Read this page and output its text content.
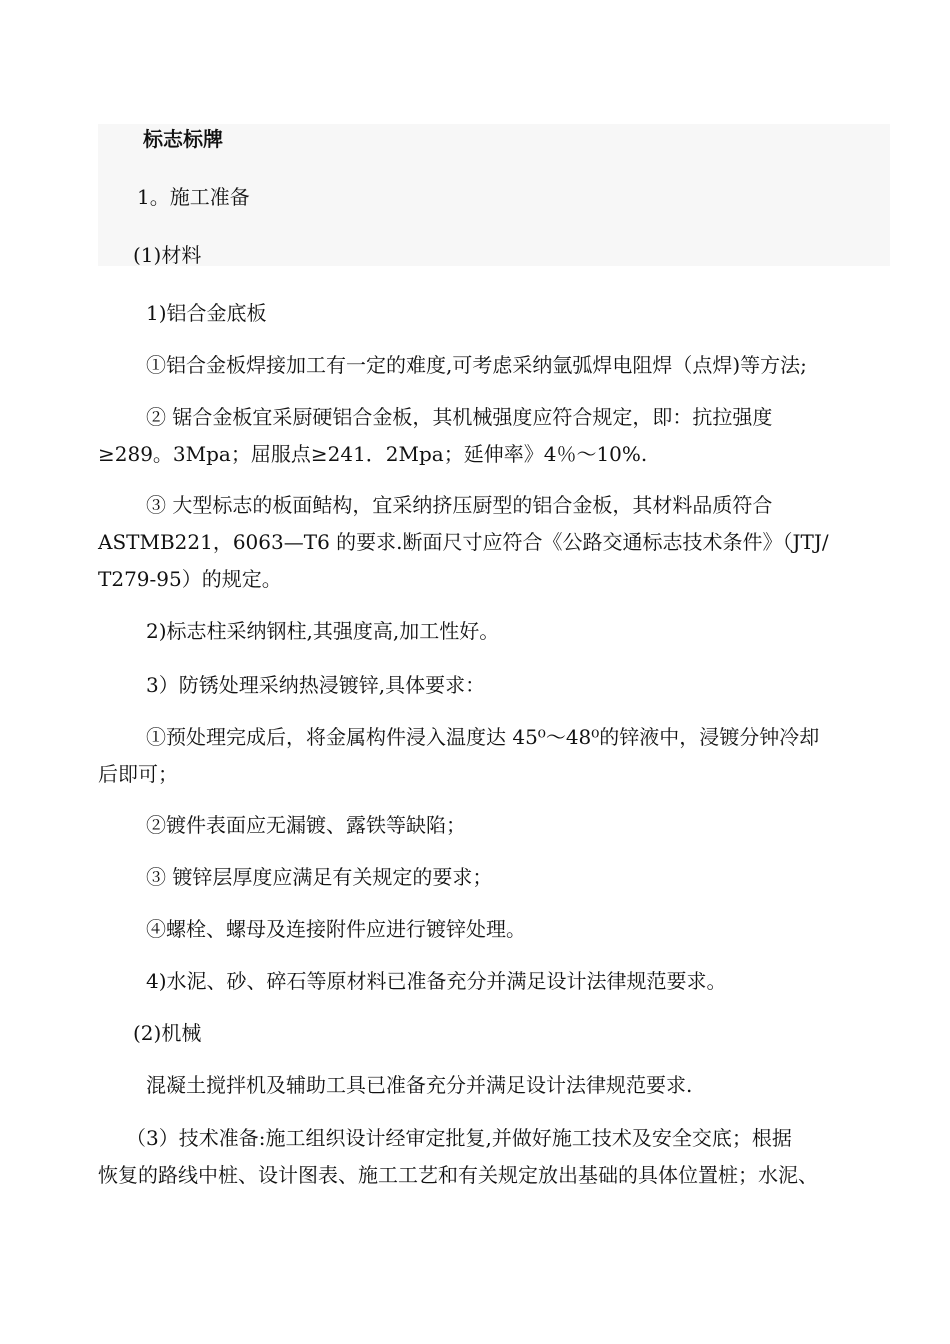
标志标牌
1。施工准备
(1)材料
1)铝合金底板
①铝合金板焊接加工有一定的难度,可考虑采纳氩弧焊电阻焊（点焊)等方法;
② 锯合金板宜采厨硬铝合金板，其机械强度应符合规定，即：抗拉强度
≥289。3Mpa；屈服点≥241．2Mpa；延伸率》4％～10%.
③ 大型标志的板面鲒构，宜采纳挤压厨型的铝合金板，其材料品质符合
ASTMB221，6063—T6 的要求.断面尺寸应符合《公路交通标志技术条件》（JTJ/
T279-95）的规定。
2)标志柱采纳钢柱,其强度高,加工性好。
3）防锈处理采纳热浸镀锌,具体要求：
①预处理完成后，将金属构件浸入温度达 45⁰～48⁰的锌液中，浸镀分钟冷却
后即可；
②镀件表面应无漏镀、露铁等缺陷；
③ 镀锌层厚度应满足有关规定的要求；
④螺栓、螺母及连接附件应进行镀锌处理。
4)水泥、砂、碎石等原材料已准备充分并满足设计法律规范要求。
(2)机械
混凝土搅拌机及辅助工具已准备充分并满足设计法律规范要求.
（3）技术准备:施工组织设计经审定批复,并做好施工技术及安全交底；根据
恢复的路线中桩、设计图表、施工工艺和有关规定放出基础的具体位置桩；水泥、
